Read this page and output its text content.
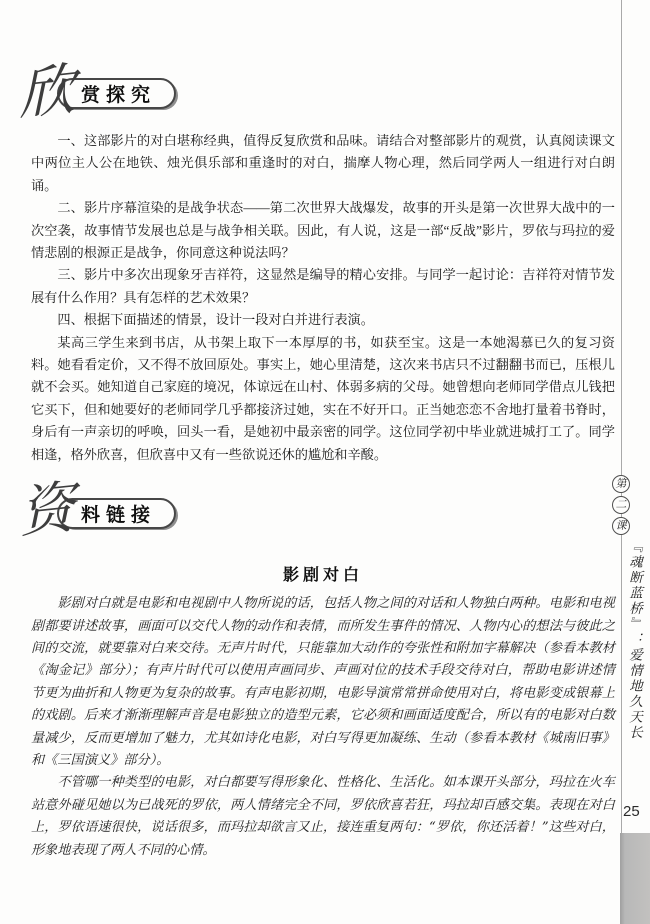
欣 赏探究

一、这部影片的对白堪称经典，值得反复欣赏和品味。请结合对整部影片的观赏，认真阅读课文中两位主人公在地铁、烛光俱乐部和重逢时的对白，揣摩人物心理，然后同学两人一组进行对白朗诵。

二、影片序幕渲染的是战争状态——第二次世界大战爆发，故事的开头是第一次世界大战中的一次空袭，故事情节发展也总是与战争相关联。因此，有人说，这是一部“反战”影片，罗依与玛拉的爱情悲剧的根源正是战争，你同意这种说法吗？

三、影片中多次出现象牙吉祥符，这显然是编导的精心安排。与同学一起讨论：吉祥符对情节发展有什么作用？具有怎样的艺术效果？

四、根据下面描述的情景，设计一段对白并进行表演。

某高三学生来到书店，从书架上取下一本厚厚的书，如获至宝。这是一本她渴慕已久的复习资料。她看看定价，又不得不放回原处。事实上，她心里清楚，这次来书店只不过翻翻书而已，压根儿就不会买。她知道自己家庭的境况，体谅远在山村、体弱多病的父母。她曾想向老师同学借点儿钱把它买下，但和她要好的老师同学几乎都接济过她，实在不好开口。正当她恋恋不舍地打量着书脊时，身后有一声亲切的呼唤，回头一看，是她初中最亲密的同学。这位同学初中毕业就进城打工了。同学相逢，格外欣喜，但欣喜中又有一些欲说还休的尴尬和辛酸。

资 料链接
影剧对白

影剧对白就是电影和电视剧中人物所说的话，包括人物之间的对话和人物独白两种。电影和电视剧都要讲述故事，画面可以交代人物的动作和表情，而所发生事件的情况、人物内心的想法与彼此之间的交流，就要靠对白来交待。无声片时代，只能靠加大动作的夸张性和附加字幕解决（参看本教材《淘金记》部分）；有声片时代可以使用声画同步、声画对位的技术手段交待对白，帮助电影讲述情节更为曲折和人物更为复杂的故事。有声电影初期，电影导演常常拼命使用对白，将电影变成银幕上的戏剧。后来才渐渐理解声音是电影独立的造型元素，它必须和画面适度配合，所以有的电影对白数量减少，反而更增加了魅力，尤其如诗化电影，对白写得更加凝练、生动（参看本教材《城南旧事》和《三国演义》部分）。

不管哪一种类型的电影，对白都要写得形象化、性格化、生活化。如本课开头部分，玛拉在火车站意外碰见她以为已战死的罗依，两人情绪完全不同，罗依欣喜若狂，玛拉却百感交集。表现在对白上，罗依语速很快，说话很多，而玛拉却欲言又止，接连重复两句：“罗依，你还活着！”这些对白，形象地表现了两人不同的心情。

第
二
课
『魂断蓝桥』：爱情地久天长
25
